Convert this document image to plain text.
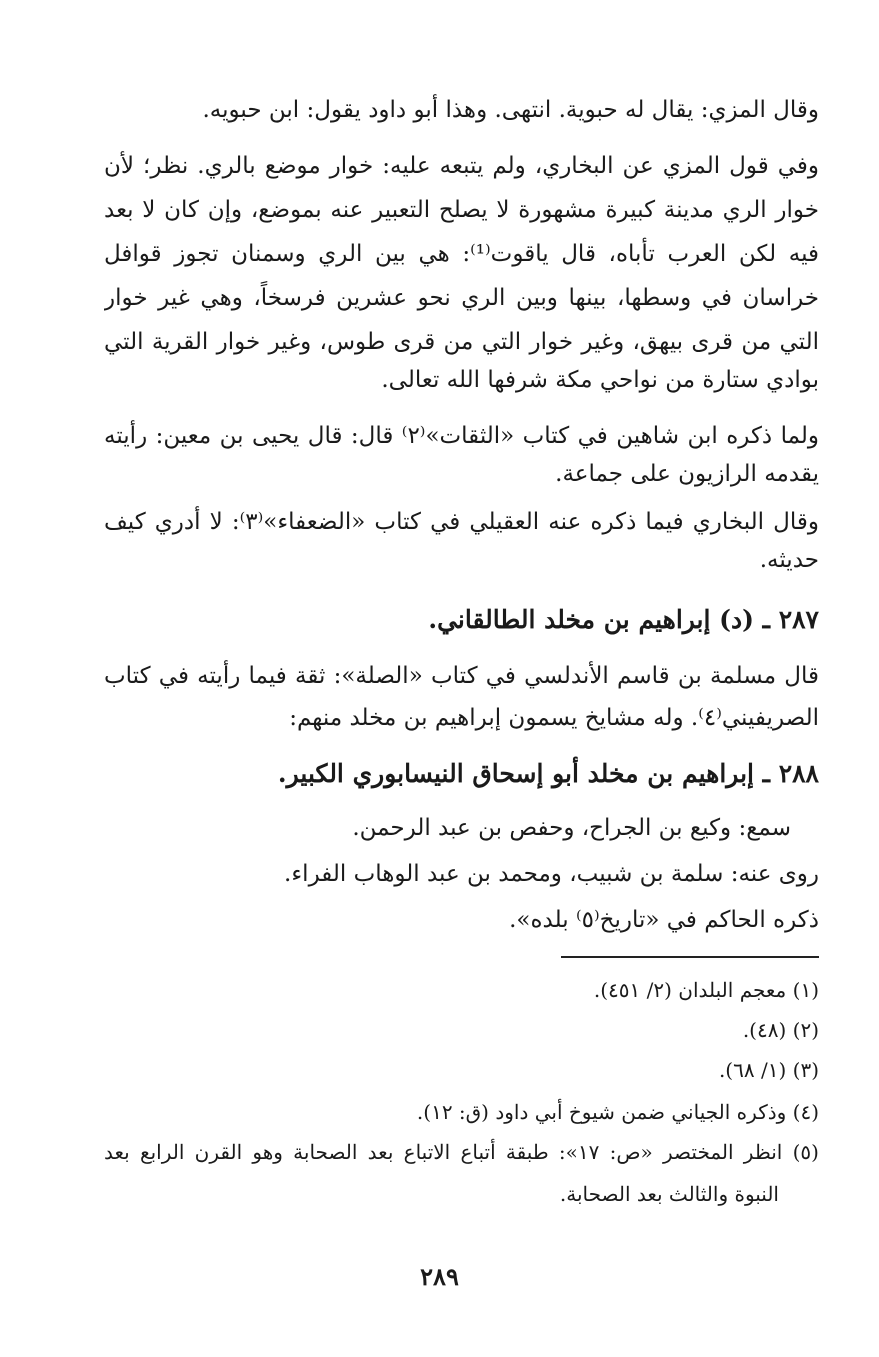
وقال المزي: يقال له حبوية. انتهى. وهذا أبو داود يقول: ابن حبويه.
وفي قول المزي عن البخاري، ولم يتبعه عليه: خوار موضع بالري. نظر؛ لأن
خوار الري مدينة كبيرة مشهورة لا يصلح التعبير عنه بموضع، وإن كان لا بعد
فيه لكن العرب تأباه، قال ياقوت⁽¹⁾: هي بين الري وسمنان تجوز قوافل
خراسان في وسطها، بينها وبين الري نحو عشرين فرسخاً، وهي غير خوار
التي من قرى بيهق، وغير خوار التي من قرى طوس، وغير خوار القرية التي
بوادي ستارة من نواحي مكة شرفها الله تعالى.
ولما ذكره ابن شاهين في كتاب «الثقات»⁽٢⁾ قال: قال يحيى بن معين: رأيته
يقدمه الرازيون على جماعة.
وقال البخاري فيما ذكره عنه العقيلي في كتاب «الضعفاء»⁽٣⁾: لا أدري كيف
حديثه.
٢٨٧ ـ (د) إبراهيم بن مخلد الطالقاني.
قال مسلمة بن قاسم الأندلسي في كتاب «الصلة»: ثقة فيما رأيته في كتاب
الصريفيني⁽٤⁾. وله مشايخ يسمون إبراهيم بن مخلد منهم:
٢٨٨ ـ إبراهيم بن مخلد أبو إسحاق النيسابوري الكبير.
سمع: وكيع بن الجراح، وحفص بن عبد الرحمن.
روى عنه: سلمة بن شبيب، ومحمد بن عبد الوهاب الفراء.
ذكره الحاكم في «تاريخ⁽٥⁾ بلده».
(١) معجم البلدان (٢/ ٤٥١).
(٢) (٤٨).
(٣) (١/ ٦٨).
(٤) وذكره الجياني ضمن شيوخ أبي داود (ق: ١٢).
(٥) انظر المختصر «ص: ١٧»: طبقة أتباع الاتباع بعد الصحابة وهو القرن الرابع بعد
النبوة والثالث بعد الصحابة.
٢٨٩
